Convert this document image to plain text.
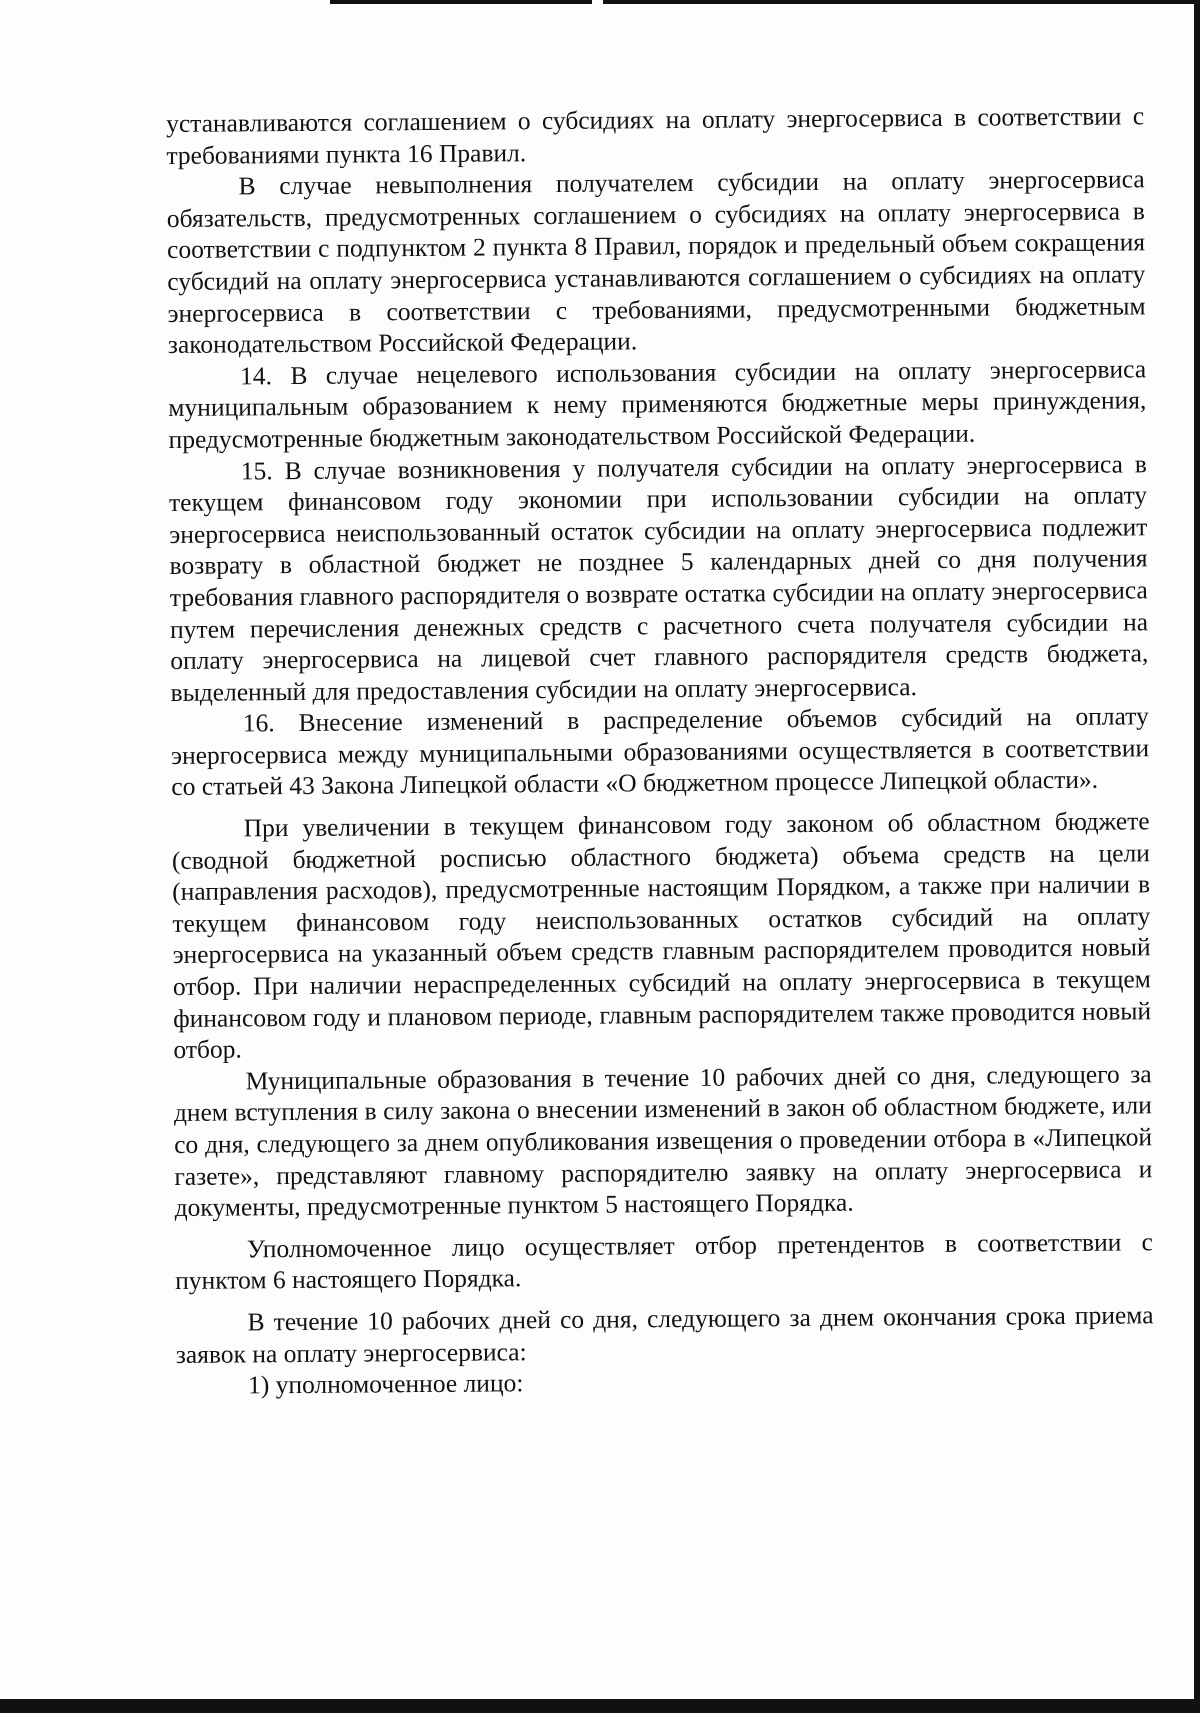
устанавливаются соглашением о субсидиях на оплату энергосервиса в соответствии с требованиями пункта 16 Правил.

В случае невыполнения получателем субсидии на оплату энергосервиса обязательств, предусмотренных соглашением о субсидиях на оплату энергосервиса в соответствии с подпунктом 2 пункта 8 Правил, порядок и предельный объем сокращения субсидий на оплату энергосервиса устанавливаются соглашением о субсидиях на оплату энергосервиса в соответствии с требованиями, предусмотренными бюджетным законодательством Российской Федерации.

14. В случае нецелевого использования субсидии на оплату энергосервиса муниципальным образованием к нему применяются бюджетные меры принуждения, предусмотренные бюджетным законодательством Российской Федерации.

15. В случае возникновения у получателя субсидии на оплату энергосервиса в текущем финансовом году экономии при использовании субсидии на оплату энергосервиса неиспользованный остаток субсидии на оплату энергосервиса подлежит возврату в областной бюджет не позднее 5 календарных дней со дня получения требования главного распорядителя о возврате остатка субсидии на оплату энергосервиса путем перечисления денежных средств с расчетного счета получателя субсидии на оплату энергосервиса на лицевой счет главного распорядителя средств бюджета, выделенный для предоставления субсидии на оплату энергосервиса.

16. Внесение изменений в распределение объемов субсидий на оплату энергосервиса между муниципальными образованиями осуществляется в соответствии со статьей 43 Закона Липецкой области «О бюджетном процессе Липецкой области».

При увеличении в текущем финансовом году законом об областном бюджете (сводной бюджетной росписью областного бюджета) объема средств на цели (направления расходов), предусмотренные настоящим Порядком, а также при наличии в текущем финансовом году неиспользованных остатков субсидий на оплату энергосервиса на указанный объем средств главным распорядителем проводится новый отбор. При наличии нераспределенных субсидий на оплату энергосервиса в текущем финансовом году и плановом периоде, главным распорядителем также проводится новый отбор.

Муниципальные образования в течение 10 рабочих дней со дня, следующего за днем вступления в силу закона о внесении изменений в закон об областном бюджете, или со дня, следующего за днем опубликования извещения о проведении отбора в «Липецкой газете», представляют главному распорядителю заявку на оплату энергосервиса и документы, предусмотренные пунктом 5 настоящего Порядка.

Уполномоченное лицо осуществляет отбор претендентов в соответствии с пунктом 6 настоящего Порядка.

В течение 10 рабочих дней со дня, следующего за днем окончания срока приема заявок на оплату энергосервиса:

1) уполномоченное лицо:
